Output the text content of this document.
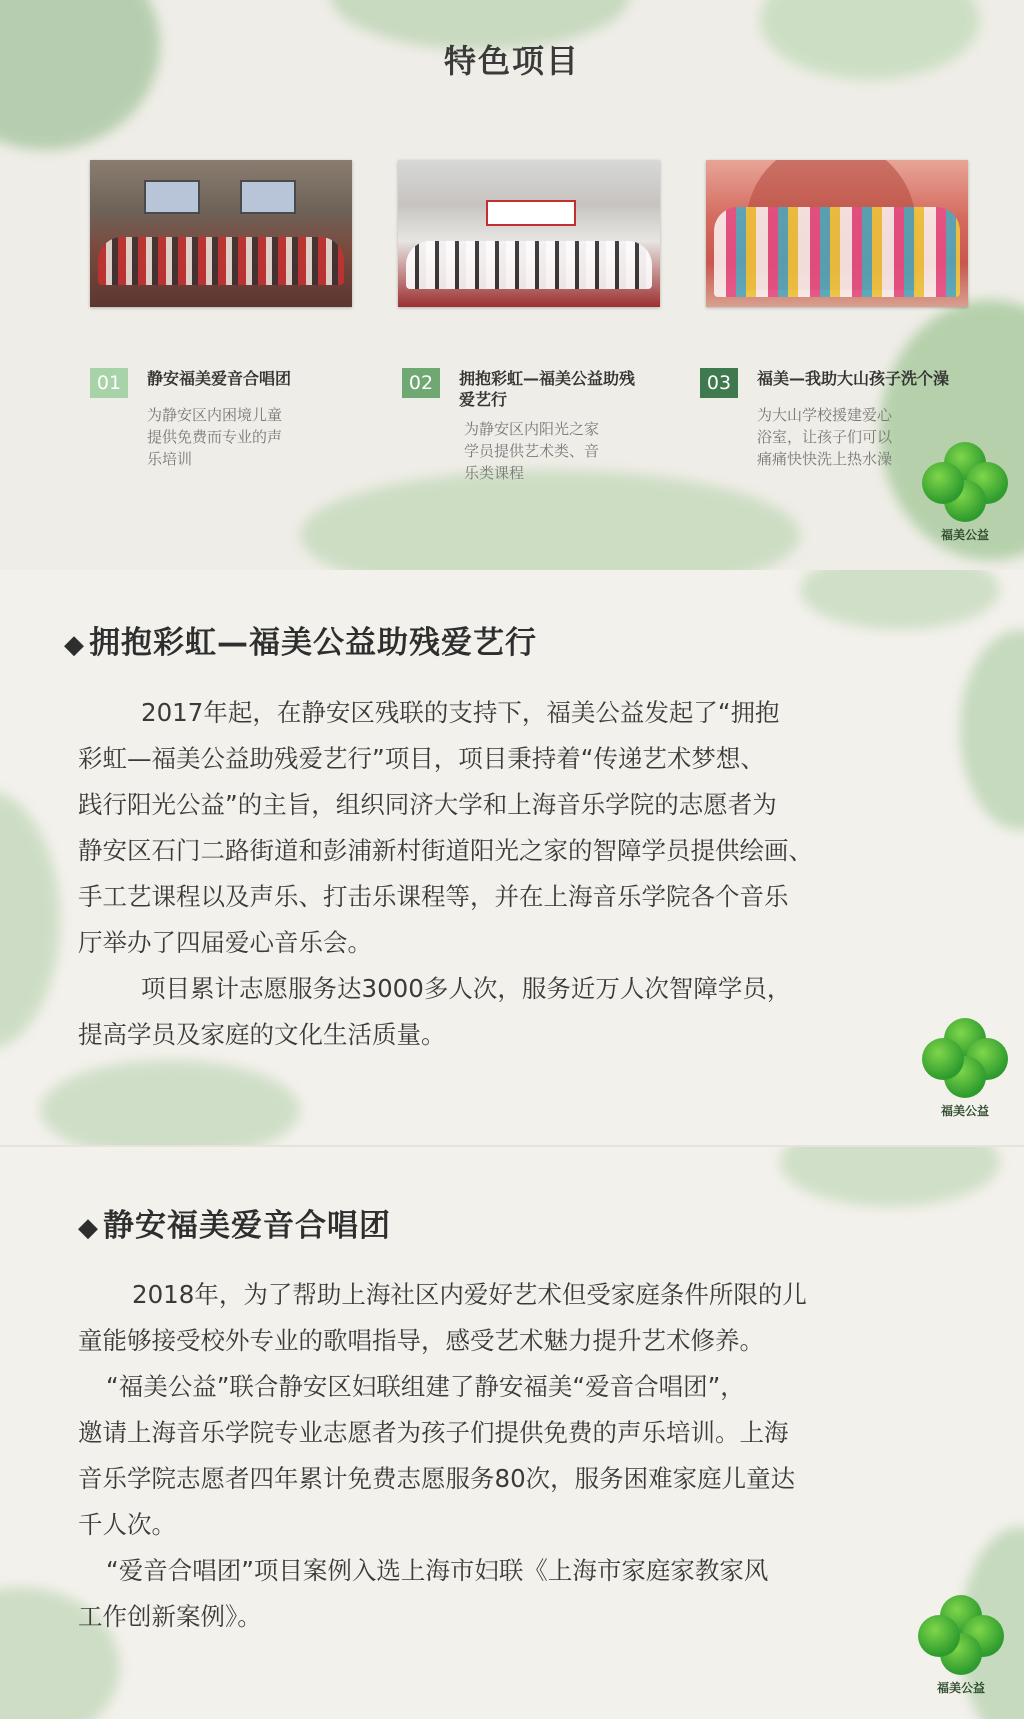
特色项目
01	静安福美爱音合唱团
为静安区内困境儿童
提供免费而专业的声
乐培训
02	拥抱彩虹—福美公益助残
爱艺行
为静安区内阳光之家
学员提供艺术类、音
乐类课程
03	福美—我助大山孩子洗个澡
为大山学校援建爱心
浴室，让孩子们可以
痛痛快快洗上热水澡
福美公益
◆ 拥抱彩虹—福美公益助残爱艺行
2017年起，在静安区残联的支持下，福美公益发起了“拥抱
彩虹—福美公益助残爱艺行”项目，项目秉持着“传递艺术梦想、
践行阳光公益”的主旨，组织同济大学和上海音乐学院的志愿者为
静安区石门二路街道和彭浦新村街道阳光之家的智障学员提供绘画、
手工艺课程以及声乐、打击乐课程等，并在上海音乐学院各个音乐
厅举办了四届爱心音乐会。
项目累计志愿服务达3000多人次，服务近万人次智障学员，
提高学员及家庭的文化生活质量。
福美公益
◆ 静安福美爱音合唱团
2018年，为了帮助上海社区内爱好艺术但受家庭条件所限的儿
童能够接受校外专业的歌唱指导，感受艺术魅力提升艺术修养。
“福美公益”联合静安区妇联组建了静安福美“爱音合唱团”，
邀请上海音乐学院专业志愿者为孩子们提供免费的声乐培训。上海
音乐学院志愿者四年累计免费志愿服务80次，服务困难家庭儿童达
千人次。
“爱音合唱团”项目案例入选上海市妇联《上海市家庭家教家风
工作创新案例》。
福美公益
